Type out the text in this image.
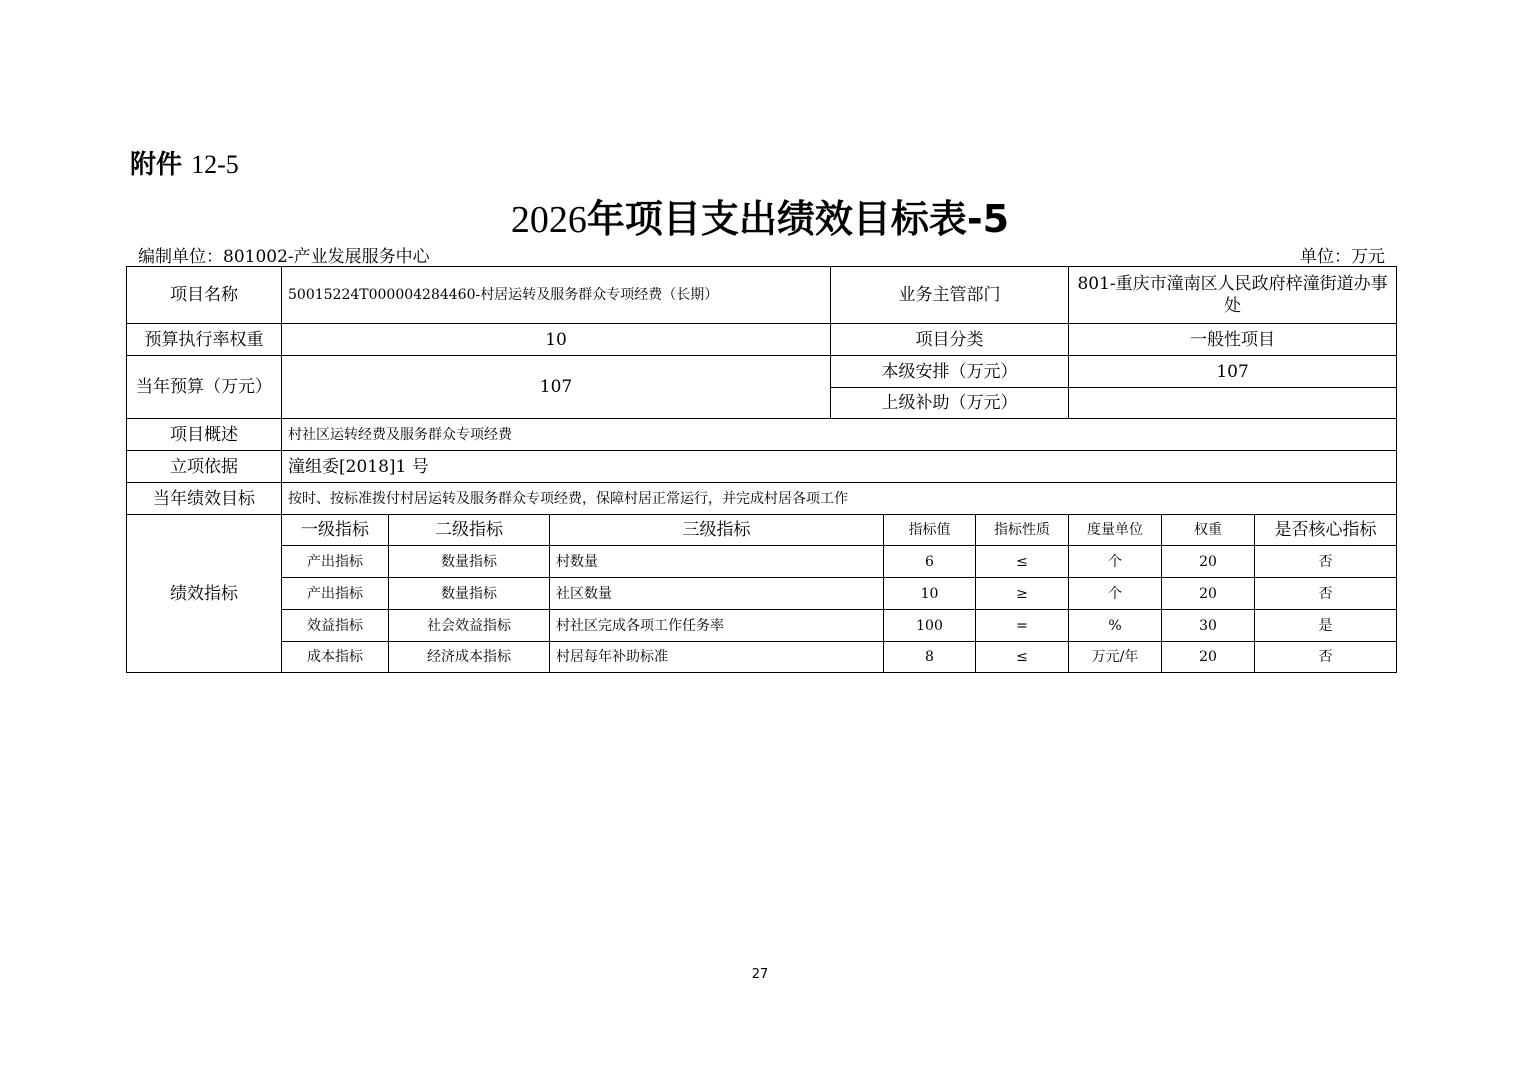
附件 12-5
2026年项目支出绩效目标表-5
编制单位：801002-产业发展服务中心	单位：万元
项目名称	50015224T000004284460-村居运转及服务群众专项经费（长期）			业务主管部门			801-重庆市潼南区人民政府梓潼街道办事处		
预算执行率权重	10			项目分类			一般性项目		
当年预算（万元）	107			本级安排（万元）			107		
				上级补助（万元）					
项目概述	村社区运转经费及服务群众专项经费								
立项依据	潼组委[2018]1 号								
当年绩效目标	按时、按标准拨付村居运转及服务群众专项经费，保障村居正常运行，并完成村居各项工作								
绩效指标	一级指标	二级指标	三级指标		指标值	指标性质	度量单位	权重	是否核心指标
	产出指标	数量指标	村数量		6	≤	个	20	否
	产出指标	数量指标	社区数量		10	≥	个	20	否
	效益指标	社会效益指标	村社区完成各项工作任务率		100	=	%	30	是
	成本指标	经济成本指标	村居每年补助标准		8	≤	万元/年	20	否
27
